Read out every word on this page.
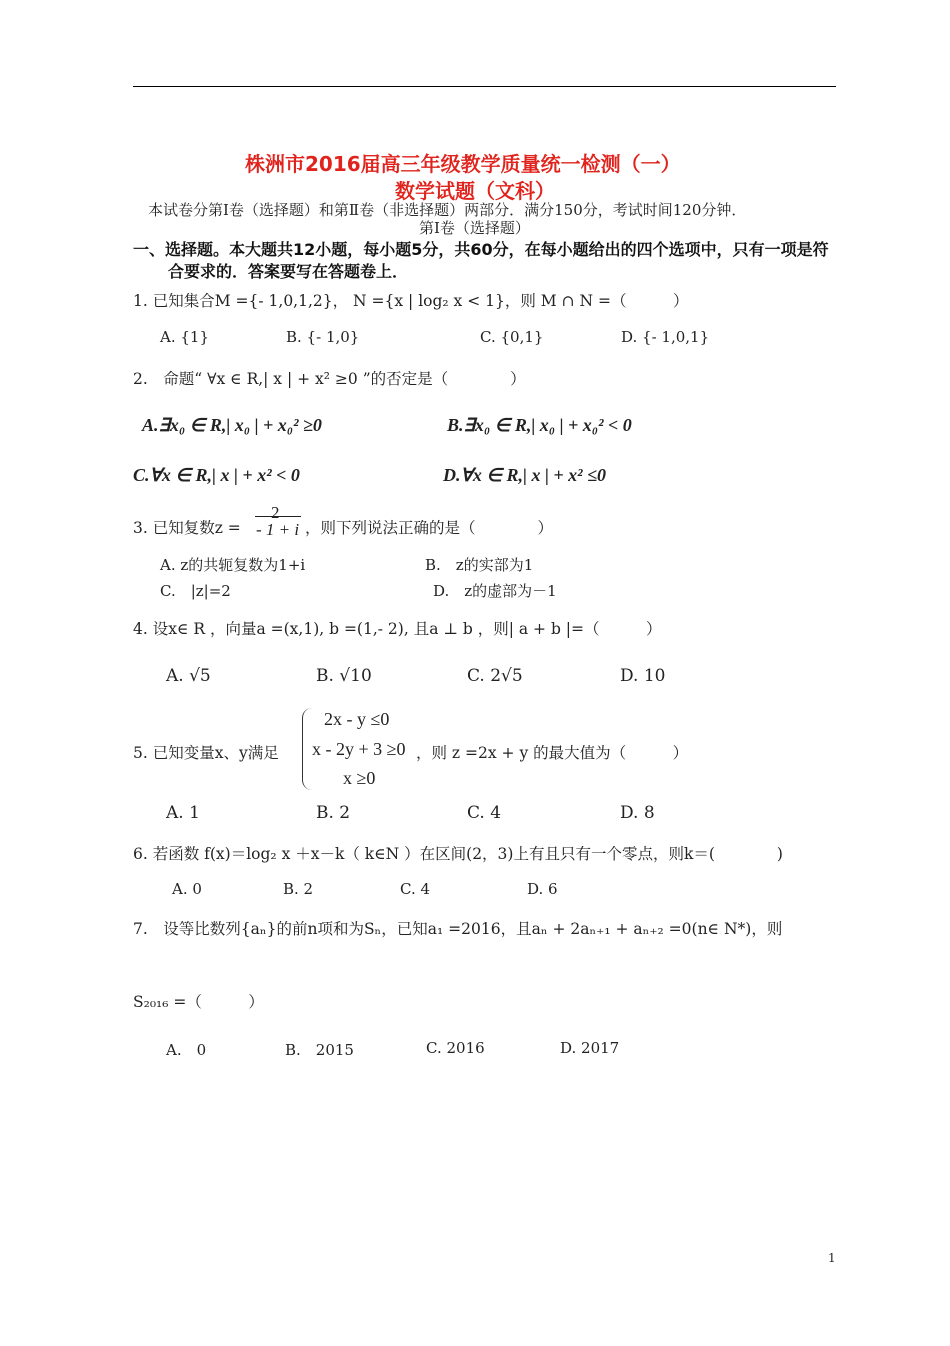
株洲市2016届高三年级教学质量统一检测（一）
数学试题（文科）
本试卷分第Ⅰ卷（选择题）和第Ⅱ卷（非选择题）两部分．满分150分，考试时间120分钟．
第Ⅰ卷（选择题）
一、选择题。本大题共12小题，每小题5分，共60分，在每小题给出的四个选项中，只有一项是符
合要求的．答案要写在答题卷上．
1. 已知集合M ={- 1,0,1,2}， N ={x | log₂ x < 1}，则 M ∩ N =（　　　）
A. {1}	B. {- 1,0}	C. {0,1}	D. {- 1,0,1}
2.　命题“ ∀x ∈ R,| x | + x² ≥0 ”的否定是（　　　　）
A.∃x₀ ∈ R,| x₀ | + x₀² ≥0	B.∃x₀ ∈ R,| x₀ | + x₀² < 0
C.∀x ∈ R,| x | + x² < 0	D.∀x ∈ R,| x | + x² ≤0
3. 已知复数z =
2
- 1 + i ，则下列说法正确的是（　　　　）
A. z的共轭复数为1+i	B.　z的实部为1
C.　|z|=2	D.　z的虚部为－1
4. 设x∈ R ，向量a =(x,1), b =(1,- 2), 且a ⊥ b ，则| a + b |=（　　　）
A. √5	B. √10	C. 2√5	D. 10
5. 已知变量x、y满足
2x - y ≤0
x - 2y + 3 ≥0
x ≥0
，则 z =2x + y 的最大值为（　　　）
A. 1	B. 2	C. 4	D. 8
6. 若函数 f(x)＝log₂ x ＋x－k（ k∈N ）在区间(2，3)上有且只有一个零点，则k＝(　　　　)
A. 0	B. 2	C. 4	D. 6
7.　设等比数列{aₙ}的前n项和为Sₙ，已知a₁ =2016，且aₙ + 2aₙ₊₁ + aₙ₊₂ =0(n∈ N*)，则
S₂₀₁₆ =（　　　）
A.　0	B.　2015	C. 2016	D. 2017
1
